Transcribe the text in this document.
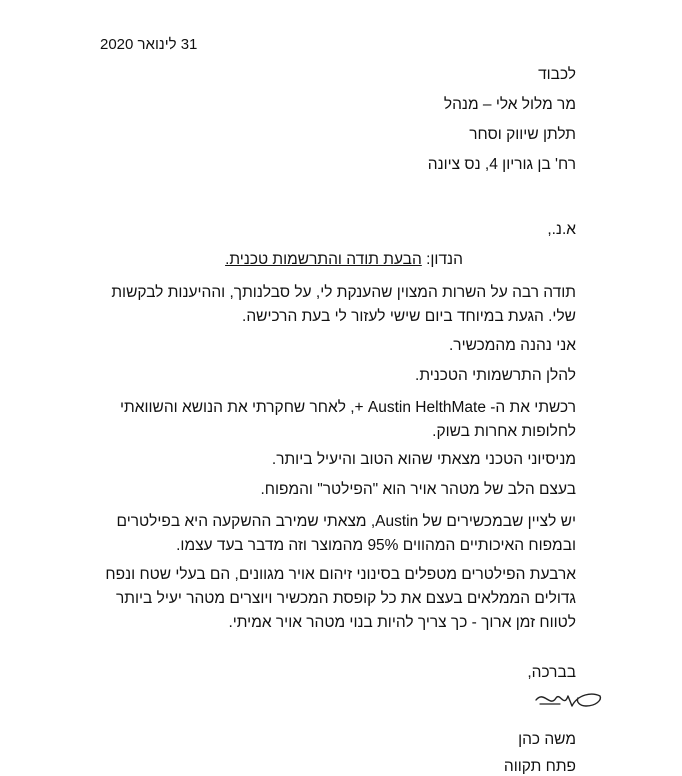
31 לינואר 2020
לכבוד
מר מלול אלי – מנהל
תלתן שיווק וסחר
רח' בן גוריון 4, נס ציונה
א.נ.,
הנדון: הבעת תודה והתרשמות טכנית.
תודה רבה על השרות המצוין שהענקת לי, על סבלנותך, וההיענות לבקשות
שלי. הגעת במיוחד ביום שישי לעזור לי בעת הרכישה.
אני נהנה מהמכשיר.
להלן התרשמותי הטכנית.
רכשתי את ה- Austin HelthMate +, לאחר שחקרתי את הנושא והשוואתי
לחלופות אחרות בשוק.
מניסיוני הטכני מצאתי שהוא הטוב והיעיל ביותר.
בעצם הלב של מטהר אויר הוא "הפילטר" והמפוח.
יש לציין שבמכשירים של Austin, מצאתי שמירב ההשקעה היא בפילטרים
ובמפוח האיכותיים המהווים 95% מהמוצר וזה מדבר בעד עצמו.
ארבעת הפילטרים מטפלים בסינוני זיהום אויר מגוונים, הם בעלי שטח ונפח
גדולים הממלאים בעצם את כל קופסת המכשיר ויוצרים מטהר יעיל ביותר
לטווח זמן ארוך - כך צריך להיות בנוי מטהר אויר אמיתי.
בברכה,
משה כהן
פתח תקווה
